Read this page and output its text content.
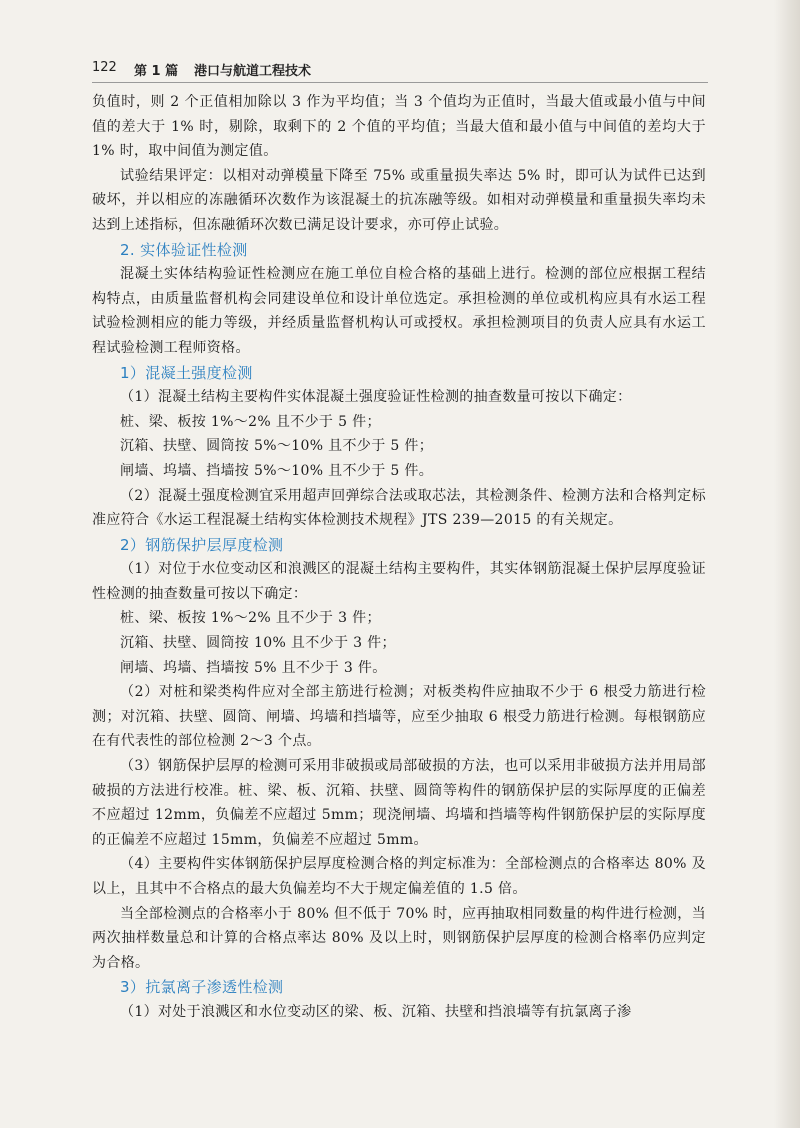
122 第 1 篇 港口与航道工程技术

负值时，则 2 个正值相加除以 3 作为平均值；当 3 个值均为正值时，当最大值或最小值与中间值的差大于 1% 时，剔除，取剩下的 2 个值的平均值；当最大值和最小值与中间值的差均大于 1% 时，取中间值为测定值。

试验结果评定：以相对动弹模量下降至 75% 或重量损失率达 5% 时，即可认为试件已达到破坏，并以相应的冻融循环次数作为该混凝土的抗冻融等级。如相对动弹模量和重量损失率均未达到上述指标，但冻融循环次数已满足设计要求，亦可停止试验。

2. 实体验证性检测

混凝土实体结构验证性检测应在施工单位自检合格的基础上进行。检测的部位应根据工程结构特点，由质量监督机构会同建设单位和设计单位选定。承担检测的单位或机构应具有水运工程试验检测相应的能力等级，并经质量监督机构认可或授权。承担检测项目的负责人应具有水运工程试验检测工程师资格。

1）混凝土强度检测

（1）混凝土结构主要构件实体混凝土强度验证性检测的抽查数量可按以下确定：

桩、梁、板按 1%～2% 且不少于 5 件；

沉箱、扶壁、圆筒按 5%～10% 且不少于 5 件；

闸墙、坞墙、挡墙按 5%～10% 且不少于 5 件。

（2）混凝土强度检测宜采用超声回弹综合法或取芯法，其检测条件、检测方法和合格判定标准应符合《水运工程混凝土结构实体检测技术规程》JTS 239—2015 的有关规定。

2）钢筋保护层厚度检测

（1）对位于水位变动区和浪溅区的混凝土结构主要构件，其实体钢筋混凝土保护层厚度验证性检测的抽查数量可按以下确定：

桩、梁、板按 1%～2% 且不少于 3 件；

沉箱、扶壁、圆筒按 10% 且不少于 3 件；

闸墙、坞墙、挡墙按 5% 且不少于 3 件。

（2）对桩和梁类构件应对全部主筋进行检测；对板类构件应抽取不少于 6 根受力筋进行检测；对沉箱、扶壁、圆筒、闸墙、坞墙和挡墙等，应至少抽取 6 根受力筋进行检测。每根钢筋应在有代表性的部位检测 2～3 个点。

（3）钢筋保护层厚的检测可采用非破损或局部破损的方法，也可以采用非破损方法并用局部破损的方法进行校准。桩、梁、板、沉箱、扶壁、圆筒等构件的钢筋保护层的实际厚度的正偏差不应超过 12mm，负偏差不应超过 5mm；现浇闸墙、坞墙和挡墙等构件钢筋保护层的实际厚度的正偏差不应超过 15mm，负偏差不应超过 5mm。

（4）主要构件实体钢筋保护层厚度检测合格的判定标准为：全部检测点的合格率达 80% 及以上，且其中不合格点的最大负偏差均不大于规定偏差值的 1.5 倍。

当全部检测点的合格率小于 80% 但不低于 70% 时，应再抽取相同数量的构件进行检测，当两次抽样数量总和计算的合格点率达 80% 及以上时，则钢筋保护层厚度的检测合格率仍应判定为合格。

3）抗氯离子渗透性检测

（1）对处于浪溅区和水位变动区的梁、板、沉箱、扶壁和挡浪墙等有抗氯离子渗
